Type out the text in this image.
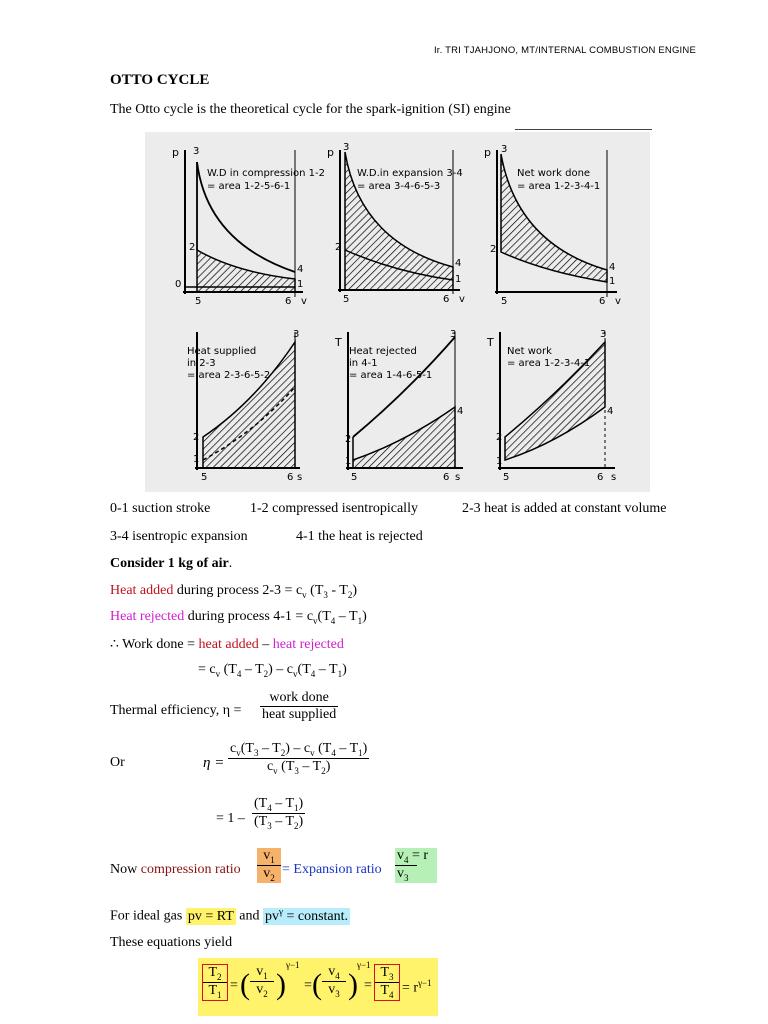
Ir. TRI TJAHJONO, MT/INTERNAL COMBUSTION ENGINE
OTTO CYCLE
The Otto cycle is the theoretical cycle for the spark-ignition (SI) engine
p 3
2
0
4
1
5	6 v
W.D in compression 1-2
= area 1-2-5-6-1
p 3
2
4
1
5	6 v
W.D.in expansion 3-4
= area 3-4-6-5-3
p 3
2
4
1
5	6 v
Net work done
= area 1-2-3-4-1
3
2
1
5	6 s
Heat supplied
in 2-3
= area 2-3-6-5-2
T
3
2
1
4
5	6 s
Heat rejected
in 4-1
= area 1-4-6-5-1
T
3
2
1
4
5	6 s
Net work
= area 1-2-3-4-1
0-1 suction stroke	1-2 compressed isentropically	2-3 heat is added at constant volume
3-4 isentropic expansion	4-1 the heat is rejected
Consider 1 kg of air.
Heat added during process $2-3 = c_v$ $(T_3 - T_2)$
Heat rejected during process $4-1 = c_v(T_4 - T_1)$
∴ Work done = heat added – heat rejected
= $c_v$ $(T_4 - T_2) - c_v(T_4 - T_1)$
Thermal efficiency, η =
work done
heat supplied
Or	η =
$c_v(T_3 - T_2) - c_v$ $(T_4 - T_1)$
$c_v$ $(T_3 - T_2)$
= 1 –
$(T_4 - T_1)$
$(T_3 - T_2)$
Now compression ratio
$v_1$
$v_2$
= Expansion ratio
$v_4 = r$
$v_3$
For ideal gas pv = RT and $pv^\gamma$ = constant.
These equations yield
$T_2$
$T_1$
= ( $v_1$
$v_2$ )
γ−1
= ( $v_4$
$v_3$ )
γ−1
=
$T_3$
$T_4 = r^{\gamma-1}$
